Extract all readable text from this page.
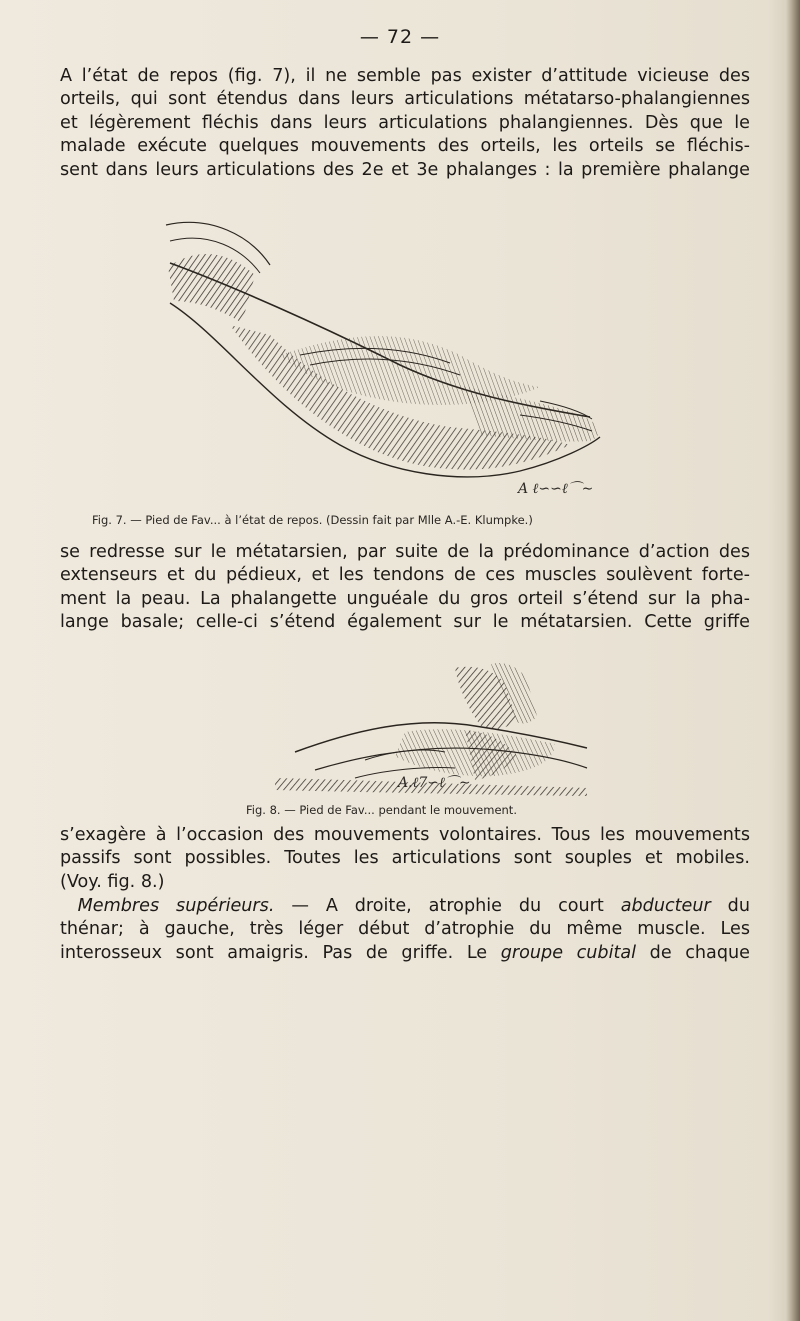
— 72 —

A l’état de repos (fig. 7), il ne semble pas exister d’attitude vicieuse des
orteils, qui sont étendus dans leurs articulations métatarso-phalangiennes
et légèrement fléchis dans leurs articulations phalangiennes. Dès que le
malade exécute quelques mouvements des orteils, les orteils se fléchis-
sent dans leurs articulations des 2e et 3e phalanges : la première phalange

A ℓ∽∽ℓ⌒∼
Fig. 7. — Pied de Fav... à l’état de repos. (Dessin fait par Mlle A.-E. Klumpke.)

se redresse sur le métatarsien, par suite de la prédominance d’action des
extenseurs et du pédieux, et les tendons de ces muscles soulèvent forte-
ment la peau. La phalangette unguéale du gros orteil s’étend sur la pha-
lange basale; celle-ci s’étend également sur le métatarsien. Cette griffe

A.ℓ7∽ℓ⌒∼
Fig. 8. — Pied de Fav... pendant le mouvement.

s’exagère à l’occasion des mouvements volontaires. Tous les mouvements
passifs sont possibles. Toutes les articulations sont souples et mobiles.
(Voy. fig. 8.)

 Membres supérieurs. — A droite, atrophie du court abducteur du
thénar; à gauche, très léger début d’atrophie du même muscle. Les
interosseux sont amaigris. Pas de griffe. Le groupe cubital de chaque
